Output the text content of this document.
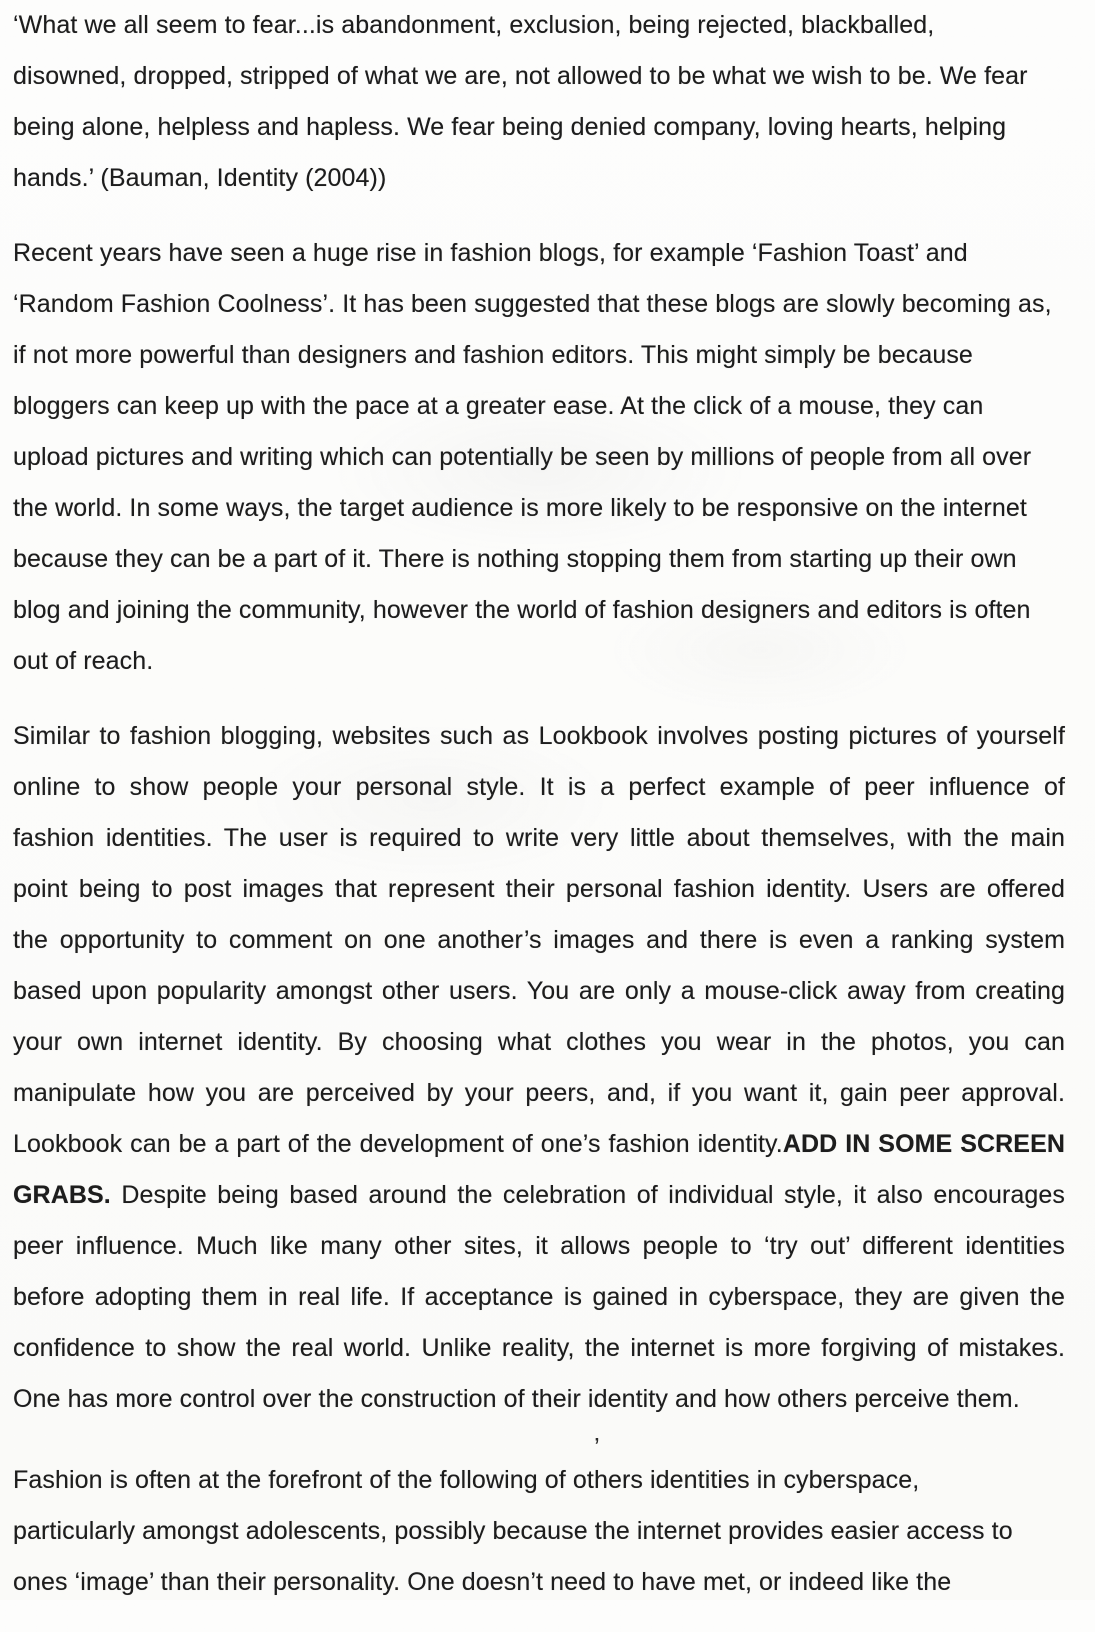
‘What we all seem to fear...is abandonment, exclusion, being rejected, blackballed,
disowned, dropped, stripped of what we are, not allowed to be what we wish to be. We fear
being alone, helpless and hapless. We fear being denied company, loving hearts, helping
hands.’ (Bauman, Identity (2004))
Recent years have seen a huge rise in fashion blogs, for example ‘Fashion Toast’ and
‘Random Fashion Coolness’. It has been suggested that these blogs are slowly becoming as,
if not more powerful than designers and fashion editors. This might simply be because
bloggers can keep up with the pace at a greater ease. At the click of a mouse, they can
upload pictures and writing which can potentially be seen by millions of people from all over
the world. In some ways, the target audience is more likely to be responsive on the internet
because they can be a part of it. There is nothing stopping them from starting up their own
blog and joining the community, however the world of fashion designers and editors is often
out of reach.
Similar to fashion blogging, websites such as Lookbook involves posting pictures of yourself
online to show people your personal style. It is a perfect example of peer influence of
fashion identities. The user is required to write very little about themselves, with the main
point being to post images that represent their personal fashion identity. Users are offered
the opportunity to comment on one another’s images and there is even a ranking system
based upon popularity amongst other users. You are only a mouse-click away from creating
your own internet identity. By choosing what clothes you wear in the photos, you can
manipulate how you are perceived by your peers, and, if you want it, gain peer approval.
Lookbook can be a part of the development of one’s fashion identity.ADD IN SOME SCREEN
GRABS. Despite being based around the celebration of individual style, it also encourages
peer influence. Much like many other sites, it allows people to ‘try out’ different identities
before adopting them in real life. If acceptance is gained in cyberspace, they are given the
confidence to show the real world. Unlike reality, the internet is more forgiving of mistakes.
One has more control over the construction of their identity and how others perceive them.
Fashion is often at the forefront of the following of others identities in cyberspace,
particularly amongst adolescents, possibly because the internet provides easier access to
ones ‘image’ than their personality. One doesn’t need to have met, or indeed like the
’
